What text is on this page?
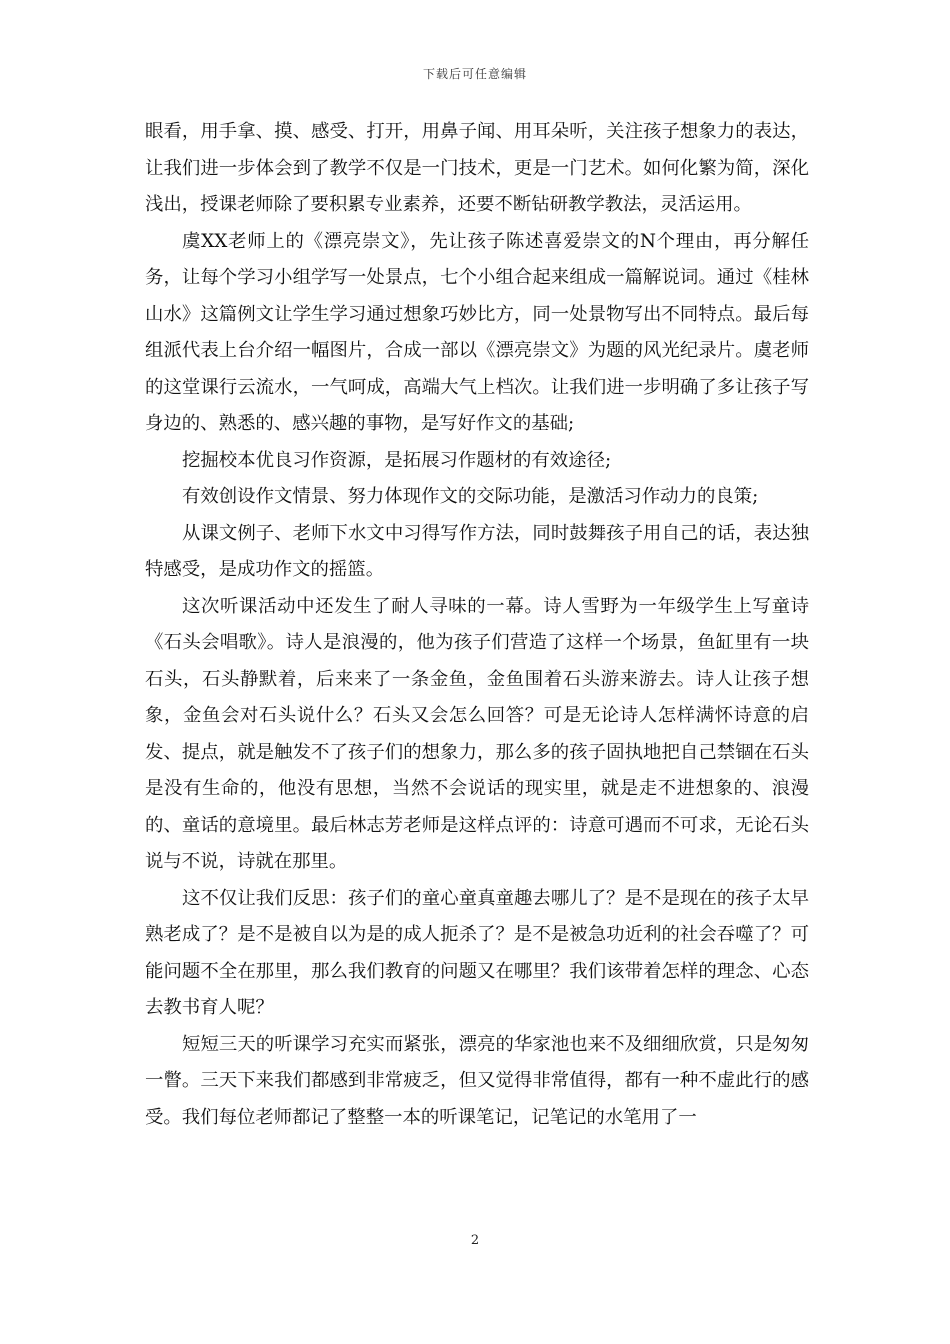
下载后可任意编辑

眼看，用手拿、摸、感受、打开，用鼻子闻、用耳朵听，关注孩子想象力的表达，让我们进一步体会到了教学不仅是一门技术，更是一门艺术。如何化繁为简，深化浅出，授课老师除了要积累专业素养，还要不断钻研教学教法，灵活运用。

虞XX老师上的《漂亮崇文》，先让孩子陈述喜爱崇文的N个理由，再分解任务，让每个学习小组学写一处景点，七个小组合起来组成一篇解说词。通过《桂林山水》这篇例文让学生学习通过想象巧妙比方，同一处景物写出不同特点。最后每组派代表上台介绍一幅图片，合成一部以《漂亮崇文》为题的风光纪录片。虞老师的这堂课行云流水，一气呵成，高端大气上档次。让我们进一步明确了多让孩子写身边的、熟悉的、感兴趣的事物，是写好作文的基础;

挖掘校本优良习作资源，是拓展习作题材的有效途径;

有效创设作文情景、努力体现作文的交际功能，是激活习作动力的良策;

从课文例子、老师下水文中习得写作方法，同时鼓舞孩子用自己的话，表达独特感受，是成功作文的摇篮。

这次听课活动中还发生了耐人寻味的一幕。诗人雪野为一年级学生上写童诗《石头会唱歌》。诗人是浪漫的，他为孩子们营造了这样一个场景，鱼缸里有一块石头，石头静默着，后来来了一条金鱼，金鱼围着石头游来游去。诗人让孩子想象，金鱼会对石头说什么？石头又会怎么回答？可是无论诗人怎样满怀诗意的启发、提点，就是触发不了孩子们的想象力，那么多的孩子固执地把自己禁锢在石头是没有生命的，他没有思想，当然不会说话的现实里，就是走不进想象的、浪漫的、童话的意境里。最后林志芳老师是这样点评的：诗意可遇而不可求，无论石头说与不说，诗就在那里。

这不仅让我们反思：孩子们的童心童真童趣去哪儿了？是不是现在的孩子太早熟老成了？是不是被自以为是的成人扼杀了？是不是被急功近利的社会吞噬了？可能问题不全在那里，那么我们教育的问题又在哪里？我们该带着怎样的理念、心态去教书育人呢？

短短三天的听课学习充实而紧张，漂亮的华家池也来不及细细欣赏，只是匆匆一瞥。三天下来我们都感到非常疲乏，但又觉得非常值得，都有一种不虚此行的感受。我们每位老师都记了整整一本的听课笔记，记笔记的水笔用了一

2
